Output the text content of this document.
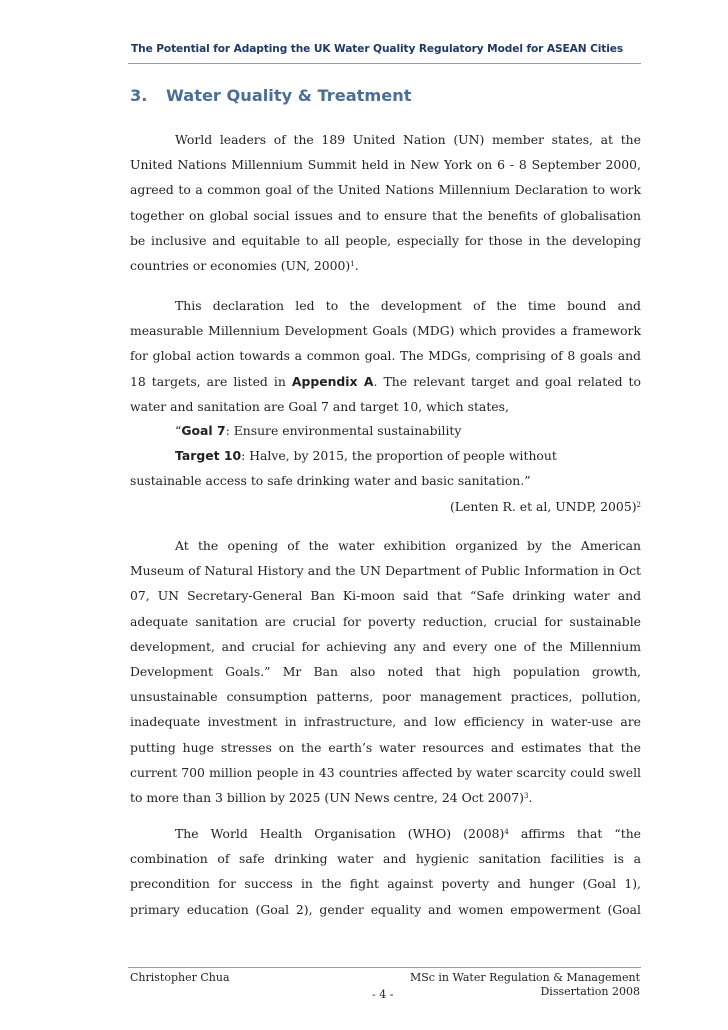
The Potential for Adapting the UK Water Quality Regulatory Model for ASEAN Cities
3. Water Quality & Treatment

World leaders of the 189 United Nation (UN) member states, at the United Nations Millennium Summit held in New York on 6 - 8 September 2000, agreed to a common goal of the United Nations Millennium Declaration to work together on global social issues and to ensure that the benefits of globalisation be inclusive and equitable to all people, especially for those in the developing countries or economies (UN, 2000)$^1$.

This declaration led to the development of the time bound and measurable Millennium Development Goals (MDG) which provides a framework for global action towards a common goal. The MDGs, comprising of 8 goals and 18 targets, are listed in Appendix A. The relevant target and goal related to water and sanitation are Goal 7 and target 10, which states,

“Goal 7: Ensure environmental sustainability
Target 10: Halve, by 2015, the proportion of people without
sustainable access to safe drinking water and basic sanitation.”
(Lenten R. et al, UNDP, 2005)$^2$

At the opening of the water exhibition organized by the American Museum of Natural History and the UN Department of Public Information in Oct 07, UN Secretary-General Ban Ki-moon said that “Safe drinking water and adequate sanitation are crucial for poverty reduction, crucial for sustainable development, and crucial for achieving any and every one of the Millennium Development Goals.” Mr Ban also noted that high population growth, unsustainable consumption patterns, poor management practices, pollution, inadequate investment in infrastructure, and low efficiency in water-use are putting huge stresses on the earth’s water resources and estimates that the current 700 million people in 43 countries affected by water scarcity could swell to more than 3 billion by 2025 (UN News centre, 24 Oct 2007)$^3$.

The World Health Organisation (WHO) $(2008)^4$ affirms that “the combination of safe drinking water and hygienic sanitation facilities is a precondition for success in the fight against poverty and hunger (Goal 1), primary education (Goal 2), gender equality and women empowerment (Goal

Christopher Chua	MSc in Water Regulation & Management
Dissertation 2008
- 4 -
